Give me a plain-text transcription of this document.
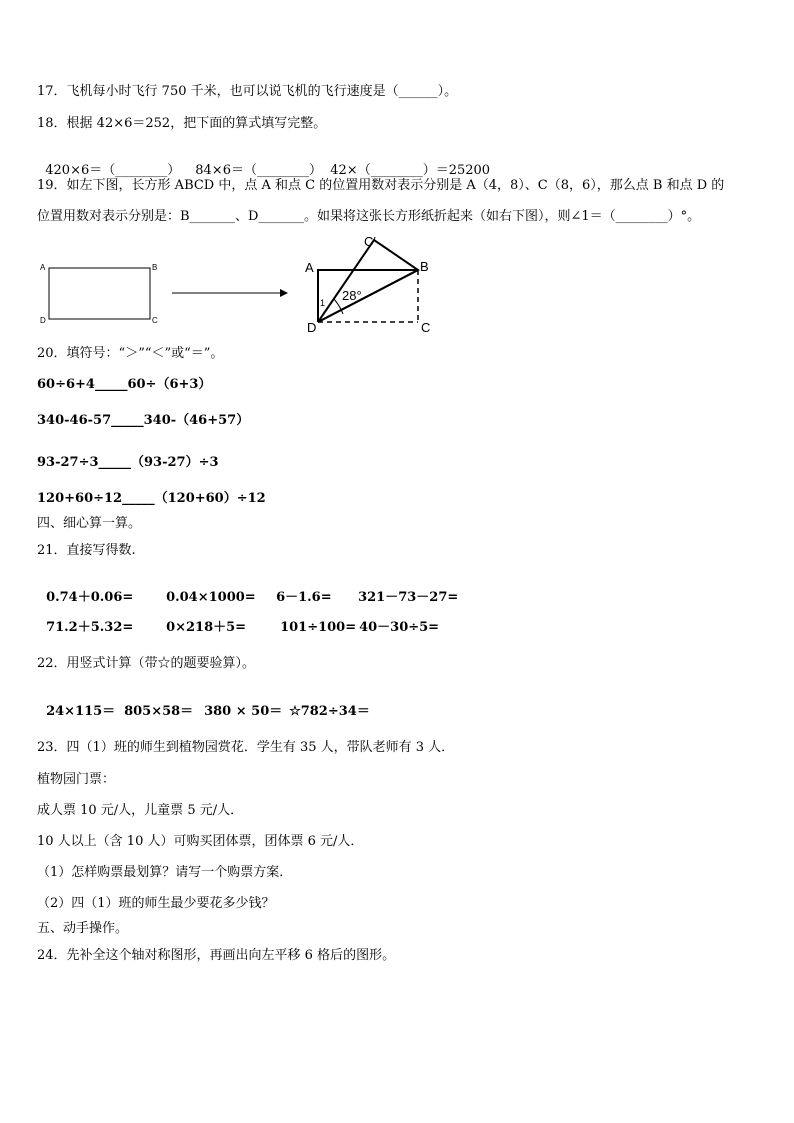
17．飞机每小时飞行 750 千米，也可以说飞机的飞行速度是（______）。
18．根据 42×6＝252，把下面的算式填写完整。

420×6＝（________） 84×6＝（________） 42×（________）＝25200

19．如左下图，长方形 ABCD 中，点 A 和点 C 的位置用数对表示分别是 A（4，8）、C（8，6），那么点 B 和点 D 的
位置用数对表示分别是：B_______、D_______。如果将这张长方形纸折起来（如右下图），则∠1＝（________）°。
A	B
D	C
A	B
C′
D	C
28°
1
20．填符号：“＞”“＜”或“＝”。
60÷6+4_____60÷（6+3）
340-46-57_____340-（46+57）
93-27÷3_____（93-27）÷3
120+60÷12_____（120+60）÷12
四、细心算一算。
21．直接写得数.

0.74＋0.06=	0.04×1000= 6－1.6= 321－73－27=

71.2＋5.32=	0×218＋5=	101÷100= 40－30÷5=

22．用竖式计算（带☆的题要验算）。

24×115＝ 805×58＝ 380 × 50＝ ☆782÷34＝

23．四（1）班的师生到植物园赏花．学生有 35 人，带队老师有 3 人．
植物园门票：
成人票 10 元/人，儿童票 5 元/人．
10 人以上（含 10 人）可购买团体票，团体票 6 元/人．
（1）怎样购票最划算？请写一个购票方案．
（2）四（1）班的师生最少要花多少钱？
五、动手操作。
24．先补全这个轴对称图形，再画出向左平移 6 格后的图形。
